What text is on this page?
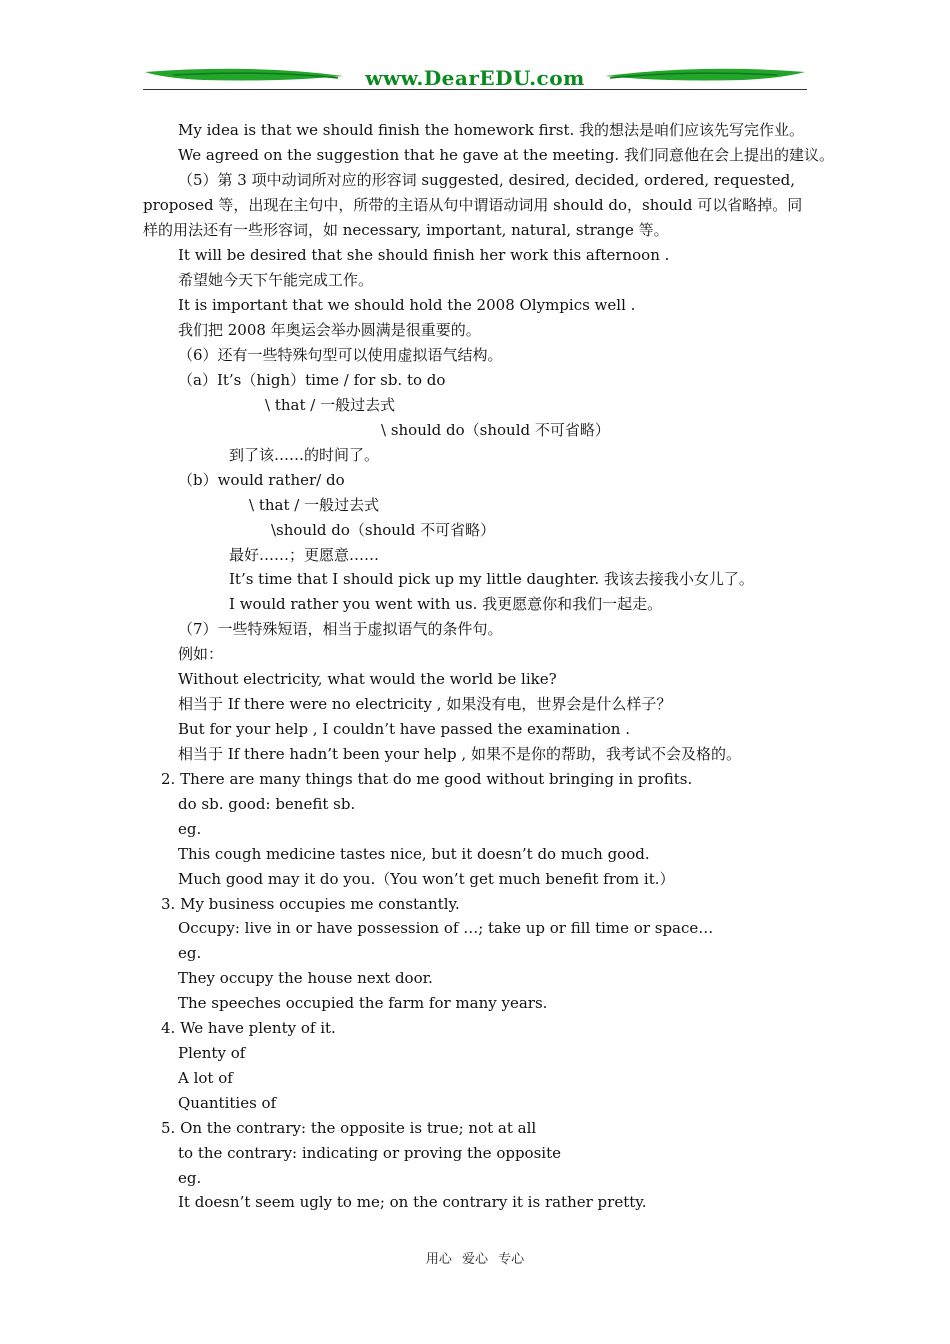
www.DearEDU.com
My idea is that we should finish the homework first. 我的想法是咱们应该先写完作业。
We agreed on the suggestion that he gave at the meeting. 我们同意他在会上提出的建议。
（5）第 3 项中动词所对应的形容词 suggested, desired, decided, ordered, requested,
proposed 等，出现在主句中，所带的主语从句中谓语动词用 should do，should 可以省略掉。同
样的用法还有一些形容词，如 necessary, important, natural, strange 等。
It will be desired that she should finish her work this afternoon .
希望她今天下午能完成工作。
It is important that we should hold the 2008 Olympics well .
我们把 2008 年奥运会举办圆满是很重要的。
（6）还有一些特殊句型可以使用虚拟语气结构。
（a）It’s（high）time / for sb. to do
\ that / 一般过去式
\ should do（should 不可省略）
到了该……的时间了。
（b）would rather/ do
\ that / 一般过去式
\should do（should 不可省略）
最好……；更愿意……
It’s time that I should pick up my little daughter. 我该去接我小女儿了。
I would rather you went with us. 我更愿意你和我们一起走。
（7）一些特殊短语，相当于虚拟语气的条件句。
例如：
Without electricity, what would the world be like?
相当于 If there were no electricity , 如果没有电，世界会是什么样子？
But for your help , I couldn’t have passed the examination .
相当于 If there hadn’t been your help , 如果不是你的帮助，我考试不会及格的。
2. There are many things that do me good without bringing in profits.
do sb. good: benefit sb.
eg.
This cough medicine tastes nice, but it doesn’t do much good.
Much good may it do you.（You won’t get much benefit from it.）
3. My business occupies me constantly.
Occupy: live in or have possession of …; take up or fill time or space…
eg.
They occupy the house next door.
The speeches occupied the farm for many years.
4. We have plenty of it.
Plenty of
A lot of
Quantities of
5. On the contrary: the opposite is true; not at all
to the contrary: indicating or proving the opposite
eg.
It doesn’t seem ugly to me; on the contrary it is rather pretty.
用心 爱心 专心
